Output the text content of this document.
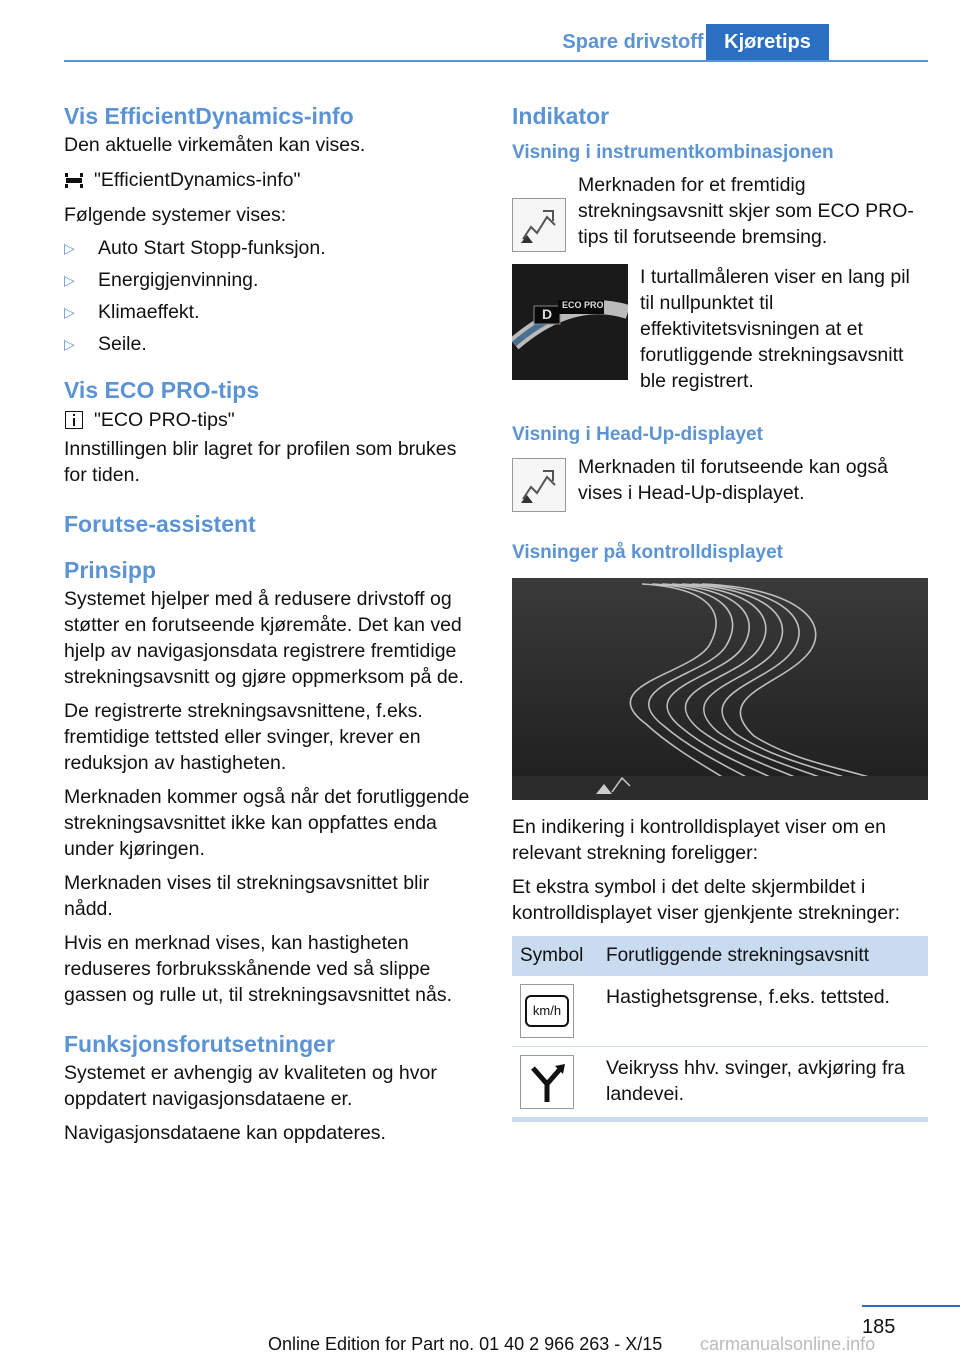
Spare drivstoff	Kjøretips
Vis EfficientDynamics-info

Den aktuelle virkemåten kan vises.

"EfficientDynamics-info"

Følgende systemer vises:

▷	Auto Start Stopp-funksjon.
▷	Energigjenvinning.
▷	Klimaeffekt.
▷	Seile.
Vis ECO PRO-tips
"ECO PRO-tips"

Innstillingen blir lagret for profilen som brukes for tiden.

Forutse-assistent
Prinsipp

Systemet hjelper med å redusere drivstoff og støtter en forutseende kjøremåte. Det kan ved hjelp av navigasjonsdata registrere fremtidige strekningsavsnitt og gjøre oppmerksom på de.

De registrerte strekningsavsnittene, f.eks. fremtidige tettsted eller svinger, krever en reduksjon av hastigheten.

Merknaden kommer også når det forutliggende strekningsavsnittet ikke kan oppfattes enda under kjøringen.

Merknaden vises til strekningsavsnittet blir nådd.

Hvis en merknad vises, kan hastigheten reduseres forbruksskånende ved så slippe gassen og rulle ut, til strekningsavsnittet nås.

Funksjonsforutsetninger

Systemet er avhengig av kvaliteten og hvor oppdatert navigasjonsdataene er.

Navigasjonsdataene kan oppdateres.

Indikator
Visning i instrumentkombinasjonen

Merknaden for et fremtidig strekningsavsnitt skjer som ECO PRO-tips til forutseende bremsing.

D
ECO PRO

I turtallmåleren viser en lang pil til nullpunktet til effektivitetsvisningen at et forutliggende strekningsavsnitt ble registrert.

Visning i Head-Up-displayet

Merknaden til forutseende kan også vises i Head-Up-displayet.

Visninger på kontrolldisplayet

En indikering i kontrolldisplayet viser om en relevant strekning foreligger:

Et ekstra symbol i det delte skjermbildet i kontrolldisplayet viser gjenkjente strekninger:

Symbol	Forutliggende strekningsavsnitt

km/h	Hastighetsgrense, f.eks. tettsted.

	Veikryss hhv. svinger, avkjøring fra landevei.
185
Online Edition for Part no. 01 40 2 966 263 - X/15 carmanualsonline.info
